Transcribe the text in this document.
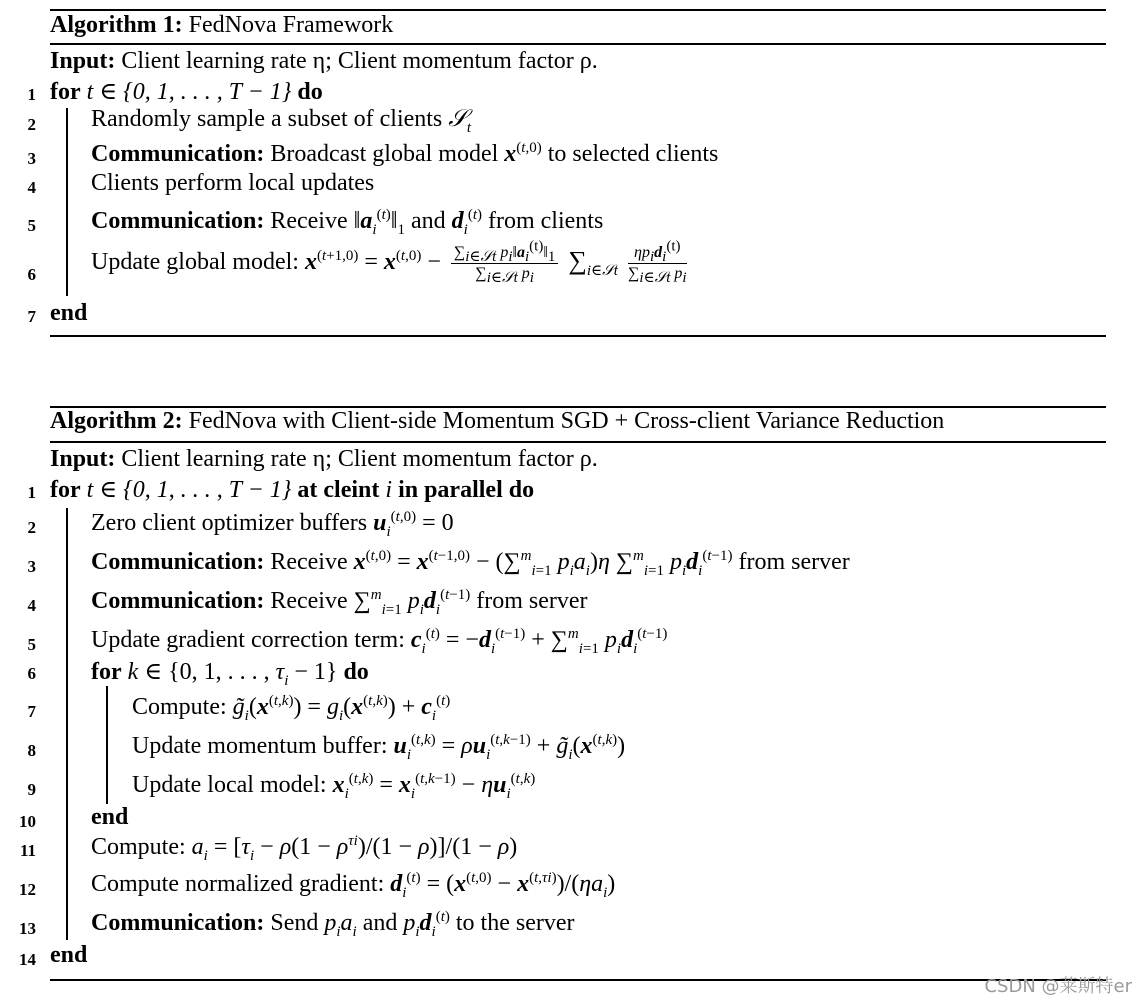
Algorithm 1: FedNova Framework
Input: Client learning rate η; Client momentum factor ρ.
for t ∈ {0, 1, . . . , T − 1} do
Randomly sample a subset of clients 𝒮$_t$
Communication: Broadcast global model $x^{(t,0)}$ to selected clients
Clients perform local updates
Communication: Receive $‖a_i^{(t)}‖_1$ and $d_i^{(t)}$ from clients
Update global model: $x^{(t+1,0)} = x^{(t,0)} - \frac{\sum_{i\in 𝒮t} p_i‖a_i^{(t)}‖_1}{\sum_{i\in 𝒮t} p_i} \sum_{i\in 𝒮t} \frac{\eta p_id_i^{(t)}}{\sum_{i\in 𝒮t} p_i}$
end
1
2
3
4
5
6
7
Algorithm 2: FedNova with Client-side Momentum SGD + Cross-client Variance Reduction
Input: Client learning rate η; Client momentum factor ρ.
for t ∈ {0, 1, . . . , T − 1} at cleint i in parallel do
Zero client optimizer buffers $u_i^{(t,0)} = 0$
Communication: Receive $x^{(t,0)} = x^{(t-1,0)} - (\sum^m_{i=1}$ $p_ia_i)\eta$ ∑$^m_{i=1}$ $p_id_i^{(t-1)}$ from server
Communication: Receive ∑$^m_{i=1}$ $p_id_i^{(t-1)}$ from server
Update gradient correction term: $c_i^{(t)} = -d_i^{(t-1)} + \sum^m_{i=1}$ $p_id_i^{(t-1)}$
for k ∈ {0, 1, . . . , $\tau_i - 1$} do
Compute: $g̃_i(x^{(t,k)}) = g_i(x^{(t,k)}) + c_i^{(t)}$
Update momentum buffer: $u_i^{(t,k)} = \rho u_i^{(t,k-1)}$ + $g̃_i(x^{(t,k)})$
Update local model: $x_i^{(t,k)} = x_i^{(t,k-1)} - \eta u_i^{(t,k)}$
end
Compute: $a_i = [\tau_i - \rho(1 - \rho^{\tau i})/(1 - \rho)]/(1 - \rho)$
Compute normalized gradient: $d_i^{(t)} = (x^{(t,0)} - x^{(t,\tau i)})/(\eta a_i)$
Communication: Send $p_ia_i$ and $p_id_i^{(t)}$ to the server
end
1
2
3
4
5
6
7
8
9
10
11
12
13
14
CSDN @莱斯特er
